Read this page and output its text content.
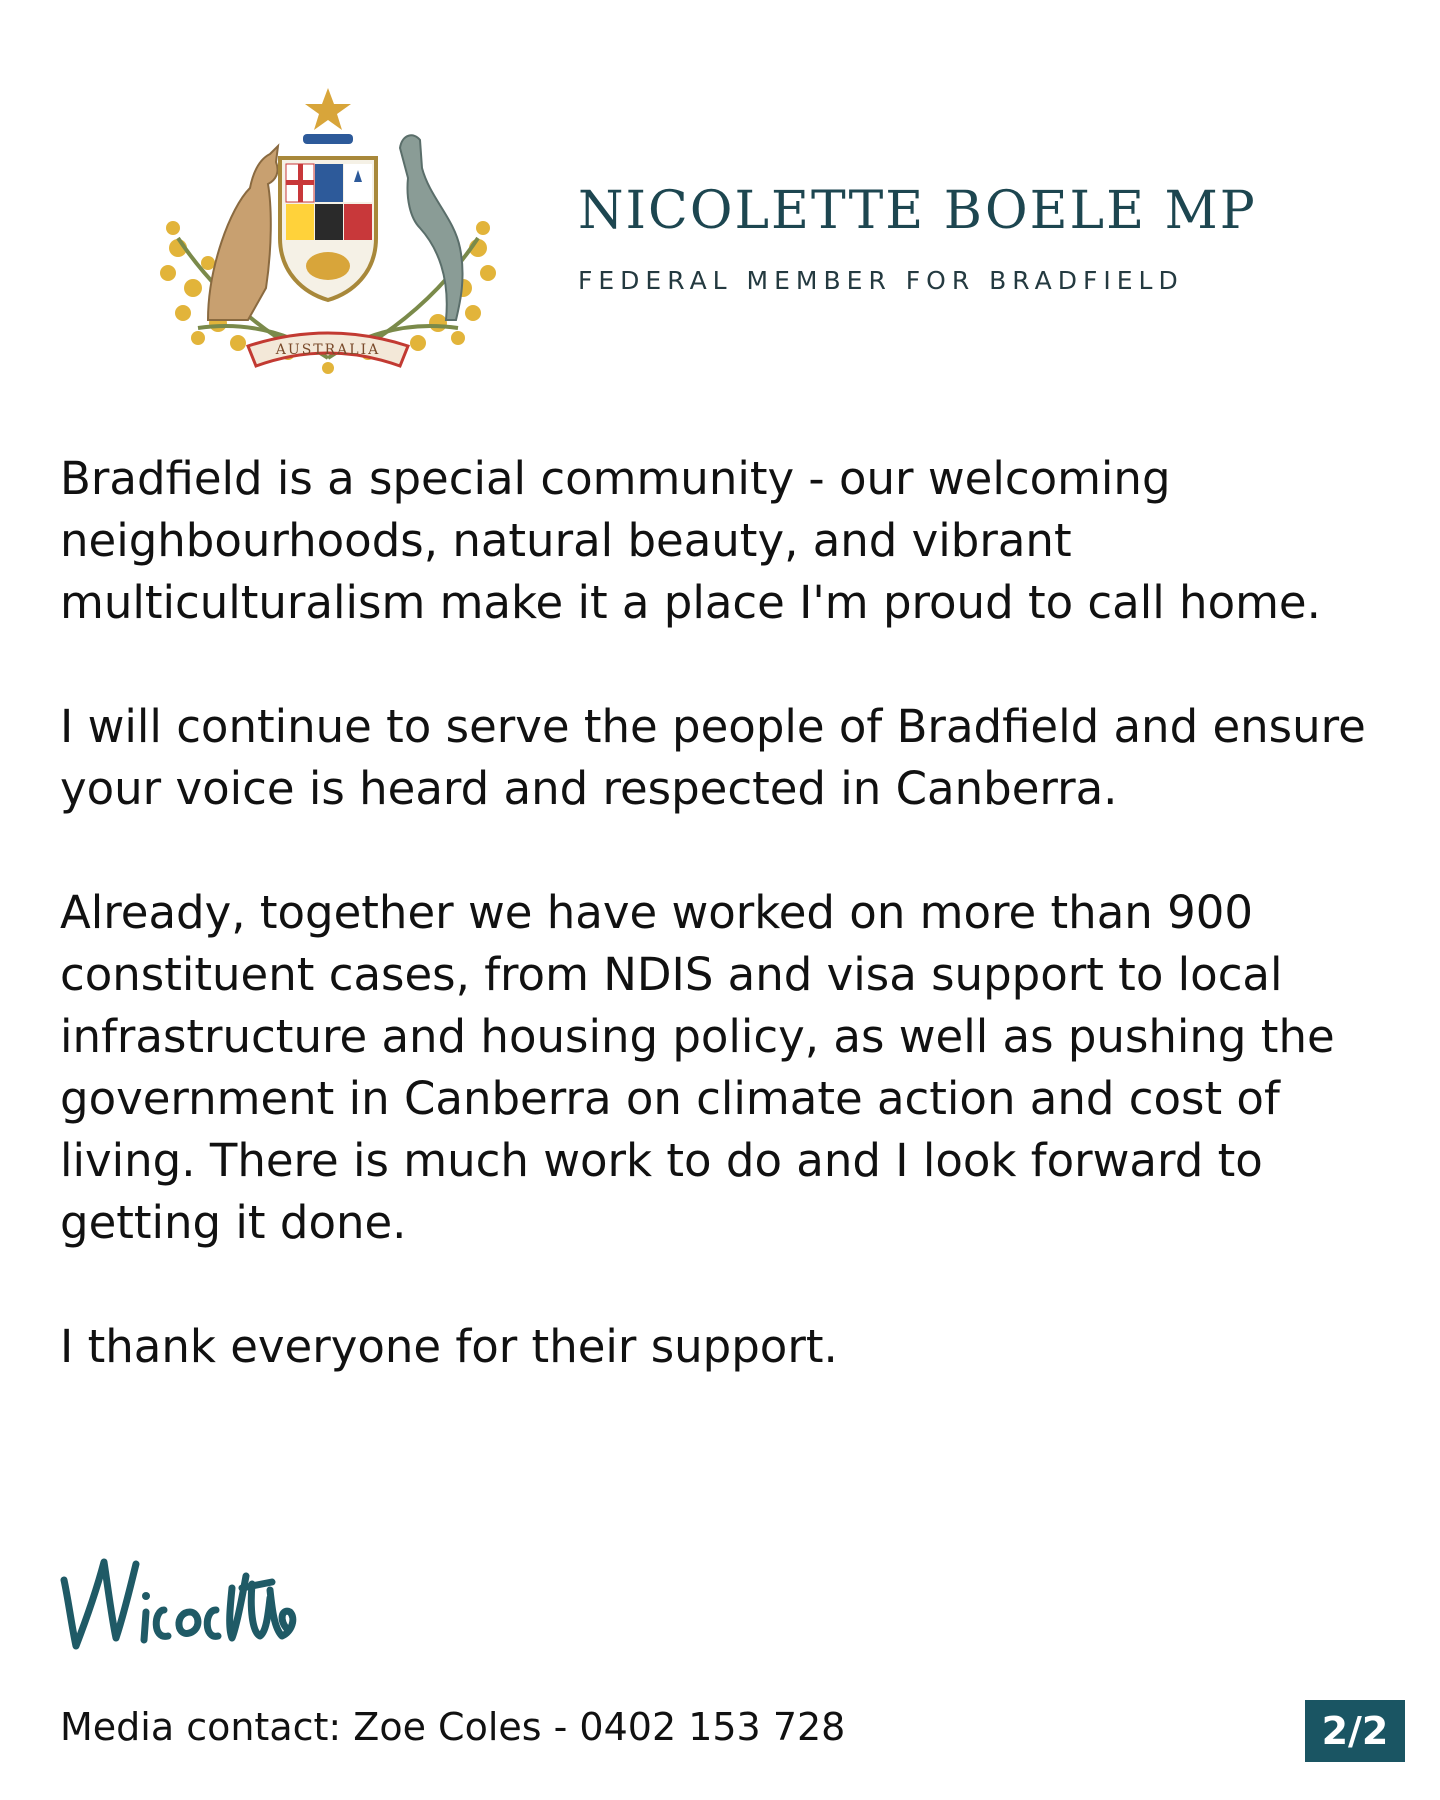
AUSTRALIA
NICOLETTE BOELE MP
FEDERAL MEMBER FOR BRADFIELD

Bradfield is a special community - our welcoming neighbourhoods, natural beauty, and vibrant multiculturalism make it a place I'm proud to call home.

I will continue to serve the people of Bradfield and ensure your voice is heard and respected in Canberra.

Already, together we have worked on more than 900 constituent cases, from NDIS and visa support to local infrastructure and housing policy, as well as pushing the government in Canberra on climate action and cost of living. There is much work to do and I look forward to getting it done.

I thank everyone for their support.

Media contact: Zoe Coles - 0402 153 728	2/2
